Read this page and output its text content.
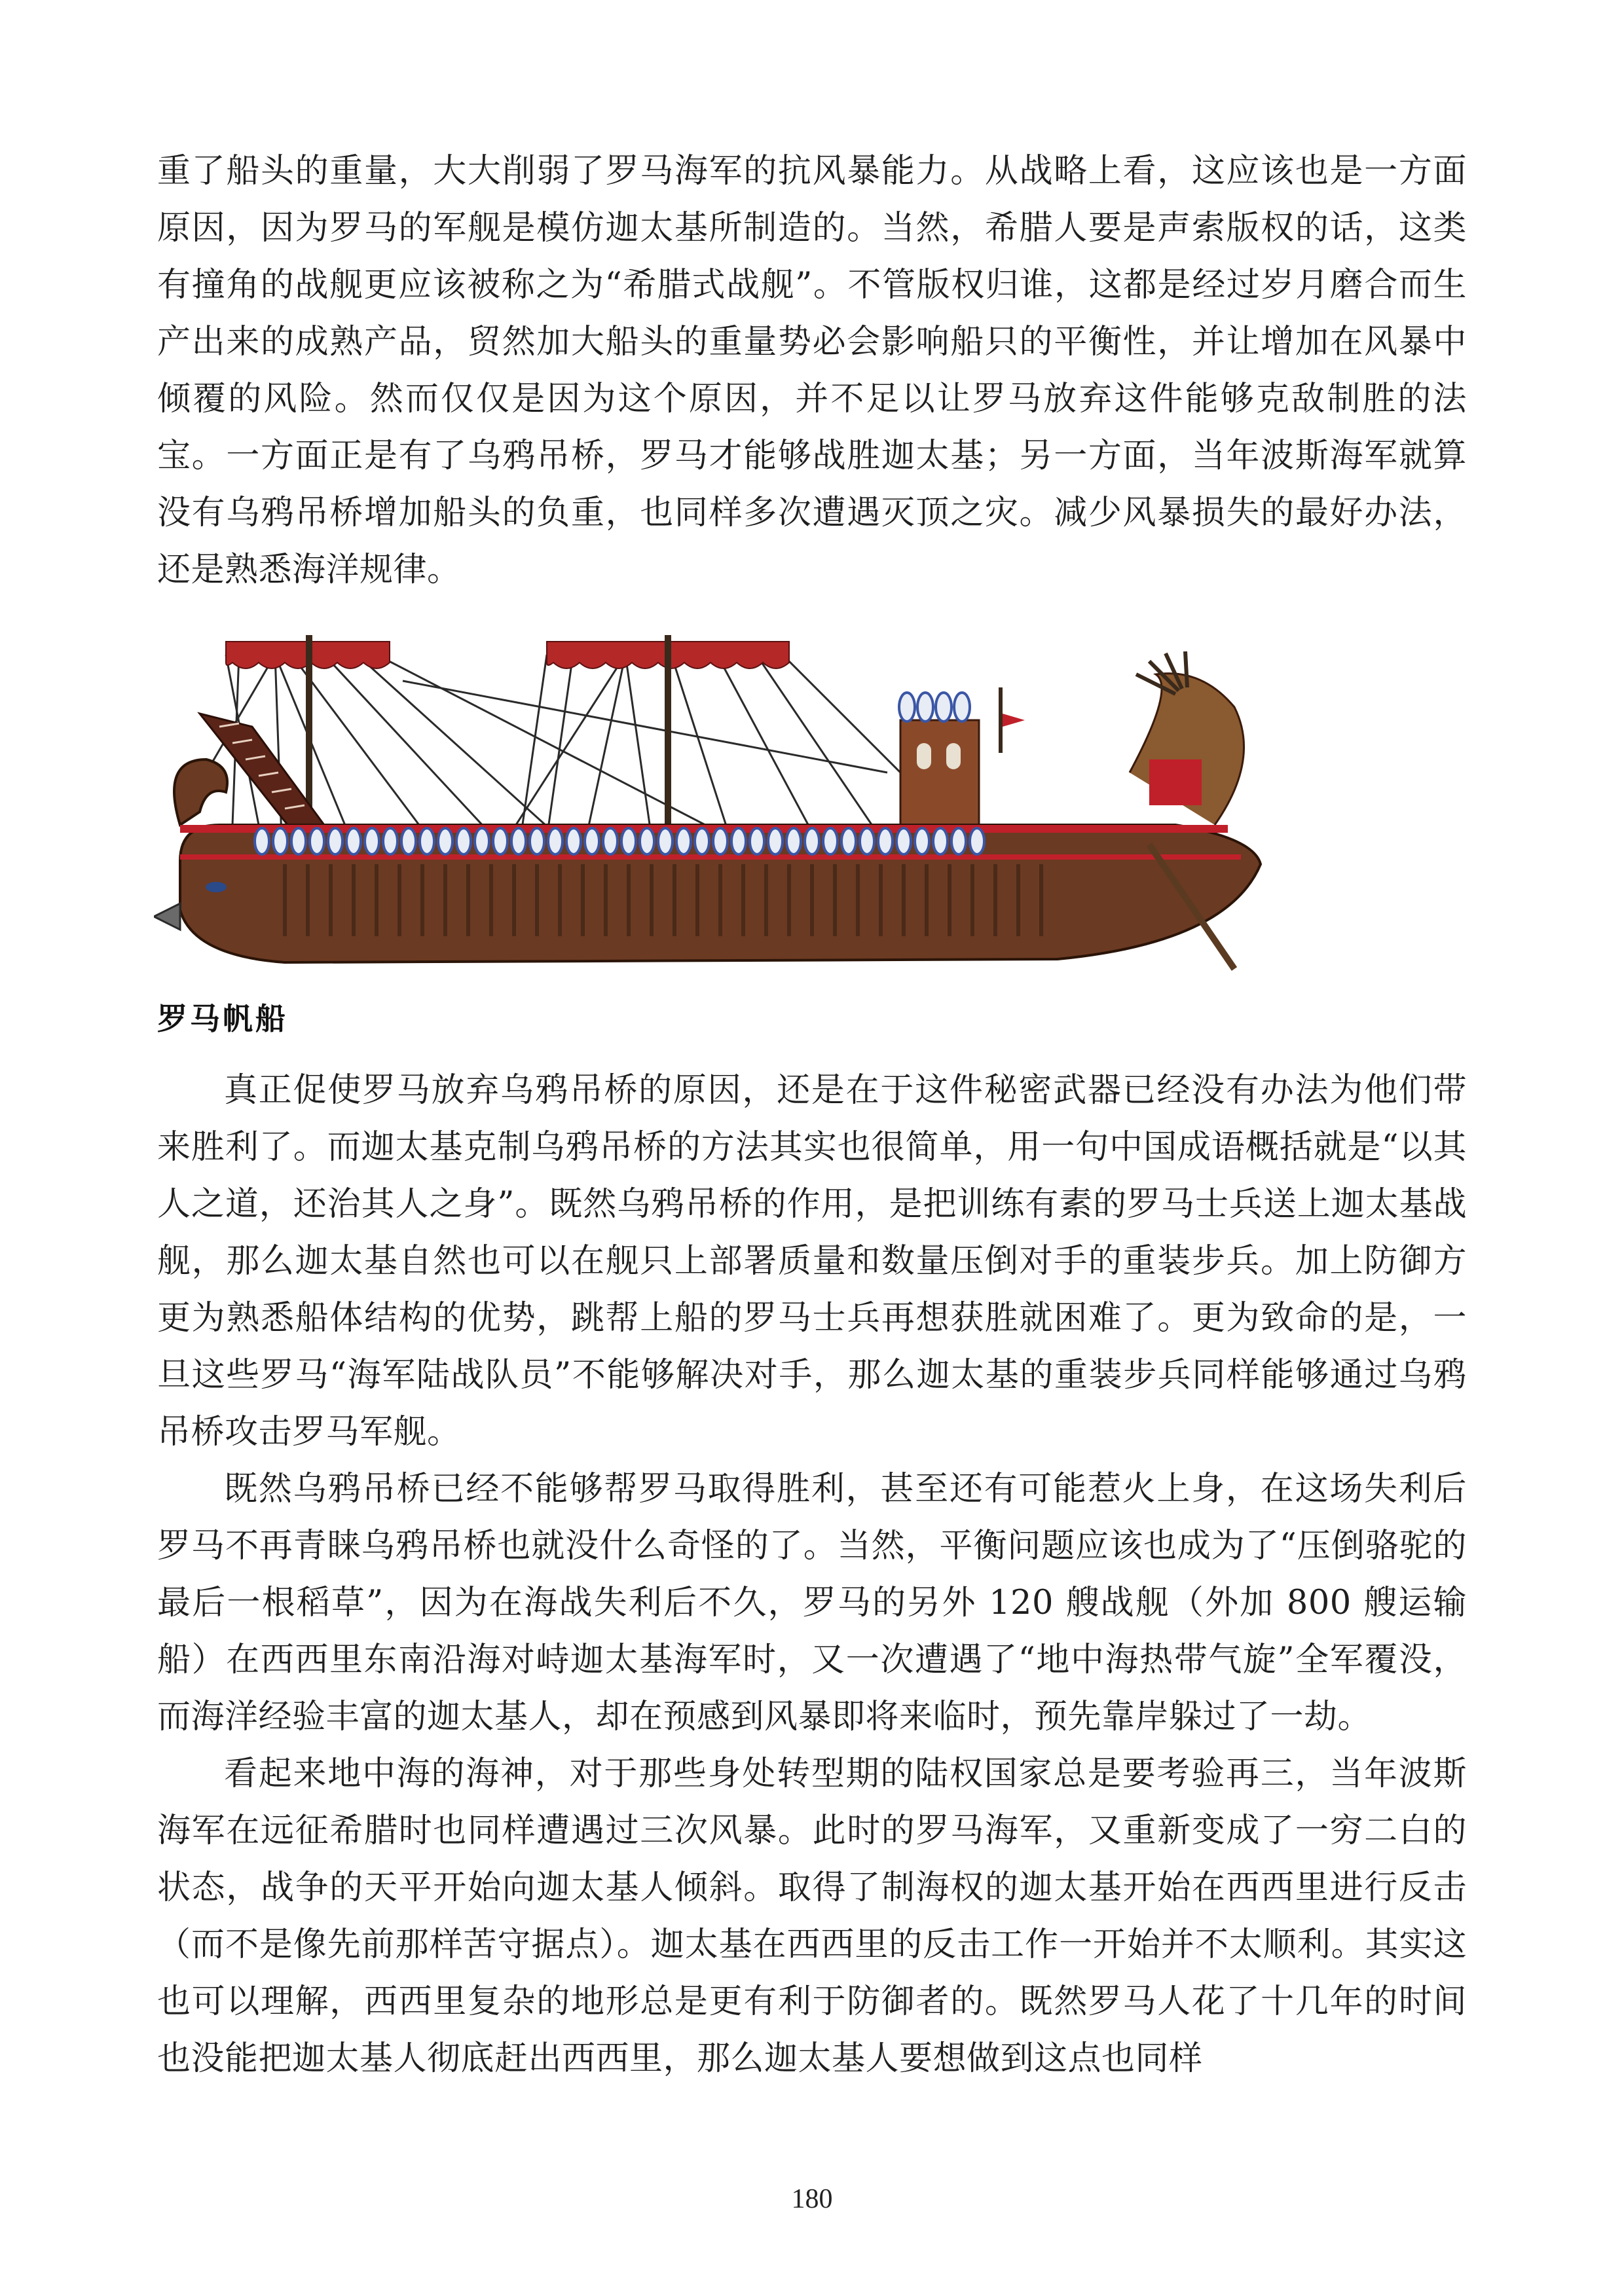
重了船头的重量，大大削弱了罗马海军的抗风暴能力。从战略上看，这应该也是一方面原因，因为罗马的军舰是模仿迦太基所制造的。当然，希腊人要是声索版权的话，这类有撞角的战舰更应该被称之为“希腊式战舰”。不管版权归谁，这都是经过岁月磨合而生产出来的成熟产品，贸然加大船头的重量势必会影响船只的平衡性，并让增加在风暴中倾覆的风险。然而仅仅是因为这个原因，并不足以让罗马放弃这件能够克敌制胜的法宝。一方面正是有了乌鸦吊桥，罗马才能够战胜迦太基；另一方面，当年波斯海军就算没有乌鸦吊桥增加船头的负重，也同样多次遭遇灭顶之灾。减少风暴损失的最好办法，还是熟悉海洋规律。

罗马帆船

真正促使罗马放弃乌鸦吊桥的原因，还是在于这件秘密武器已经没有办法为他们带来胜利了。而迦太基克制乌鸦吊桥的方法其实也很简单，用一句中国成语概括就是“以其人之道，还治其人之身”。既然乌鸦吊桥的作用，是把训练有素的罗马士兵送上迦太基战舰，那么迦太基自然也可以在舰只上部署质量和数量压倒对手的重装步兵。加上防御方更为熟悉船体结构的优势，跳帮上船的罗马士兵再想获胜就困难了。更为致命的是，一旦这些罗马“海军陆战队员”不能够解决对手，那么迦太基的重装步兵同样能够通过乌鸦吊桥攻击罗马军舰。

既然乌鸦吊桥已经不能够帮罗马取得胜利，甚至还有可能惹火上身，在这场失利后罗马不再青睐乌鸦吊桥也就没什么奇怪的了。当然，平衡问题应该也成为了“压倒骆驼的最后一根稻草”，因为在海战失利后不久，罗马的另外 120 艘战舰（外加 800 艘运输船）在西西里东南沿海对峙迦太基海军时，又一次遭遇了“地中海热带气旋”全军覆没，而海洋经验丰富的迦太基人，却在预感到风暴即将来临时，预先靠岸躲过了一劫。

看起来地中海的海神，对于那些身处转型期的陆权国家总是要考验再三，当年波斯海军在远征希腊时也同样遭遇过三次风暴。此时的罗马海军，又重新变成了一穷二白的状态，战争的天平开始向迦太基人倾斜。取得了制海权的迦太基开始在西西里进行反击（而不是像先前那样苦守据点）。迦太基在西西里的反击工作一开始并不太顺利。其实这也可以理解，西西里复杂的地形总是更有利于防御者的。既然罗马人花了十几年的时间也没能把迦太基人彻底赶出西西里，那么迦太基人要想做到这点也同样

180
